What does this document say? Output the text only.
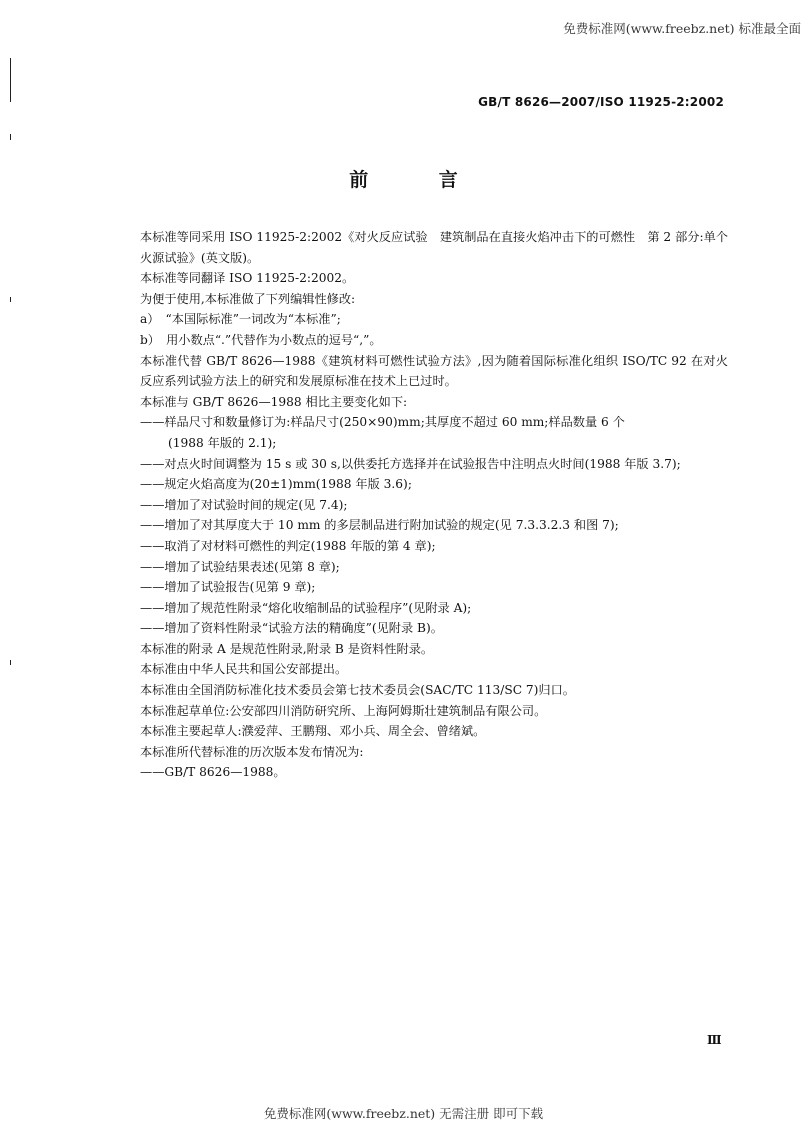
免费标准网(www.freebz.net) 标准最全面
GB/T 8626—2007/ISO 11925-2:2002
前 言

本标准等同采用 ISO 11925-2:2002《对火反应试验　建筑制品在直接火焰冲击下的可燃性　第 2 部分:单个火源试验》(英文版)。

本标准等同翻译 ISO 11925-2:2002。

为便于使用,本标准做了下列编辑性修改:

a）　“本国际标准”一词改为“本标准”;

b）　用小数点“.”代替作为小数点的逗号“,”。

本标准代替 GB/T 8626—1988《建筑材料可燃性试验方法》,因为随着国际标准化组织 ISO/TC 92 在对火反应系列试验方法上的研究和发展原标准在技术上已过时。

本标准与 GB/T 8626—1988 相比主要变化如下:

——样品尺寸和数量修订为:样品尺寸(250×90)mm;其厚度不超过 60 mm;样品数量 6 个

(1988 年版的 2.1);

——对点火时间调整为 15 s 或 30 s,以供委托方选择并在试验报告中注明点火时间(1988 年版 3.7);

——规定火焰高度为(20±1)mm(1988 年版 3.6);

——增加了对试验时间的规定(见 7.4);

——增加了对其厚度大于 10 mm 的多层制品进行附加试验的规定(见 7.3.3.2.3 和图 7);

——取消了对材料可燃性的判定(1988 年版的第 4 章);

——增加了试验结果表述(见第 8 章);

——增加了试验报告(见第 9 章);

——增加了规范性附录“熔化收缩制品的试验程序”(见附录 A);

——增加了资料性附录“试验方法的精确度”(见附录 B)。

本标准的附录 A 是规范性附录,附录 B 是资料性附录。

本标准由中华人民共和国公安部提出。

本标准由全国消防标准化技术委员会第七技术委员会(SAC/TC 113/SC 7)归口。

本标准起草单位:公安部四川消防研究所、上海阿姆斯壮建筑制品有限公司。

本标准主要起草人:濮爱萍、王鹏翔、邓小兵、周全会、曾绪斌。

本标准所代替标准的历次版本发布情况为:

——GB/T 8626—1988。

Ⅲ
免费标准网(www.freebz.net) 无需注册 即可下载
